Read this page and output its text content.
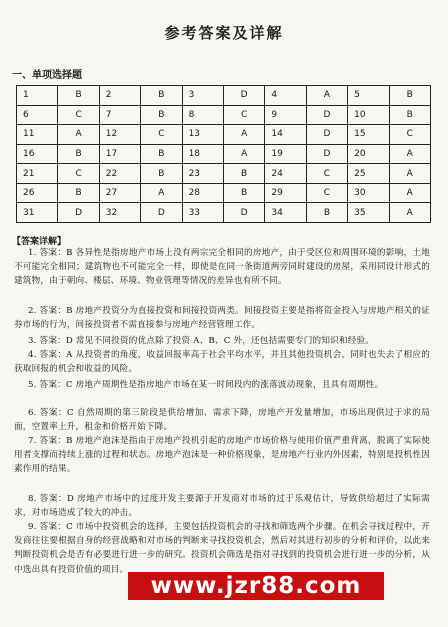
参考答案及详解
一、单项选择题
1	B	2	B	3	D	4	A	5	B
6	C	7	B	8	C	9	D	10	B
11	A	12	C	13	A	14	D	15	C
16	B	17	B	18	A	19	D	20	A
21	C	22	B	23	B	24	C	25	A
26	B	27	A	28	B	29	C	30	A
31	D	32	D	33	D	34	B	35	A
【答案详解】

1. 答案：B 各异性是指房地产市场上没有两宗完全相同的房地产，由于受区位和周围环境的影响，土地不可能完全相同；建筑物也不可能完全一样，即使是在同一条街道两旁同时建设的房屋，采用同设计形式的建筑物，由于朝向、楼层、环境、物业管理等情况的差异也有所不同。

2. 答案：B 房地产投资分为直接投资和间接投资两类。间接投资主要是指将资金投入与房地产相关的证券市场的行为，间接投资者不需直接参与房地产经营管理工作。

3. 答案：D 常见不同投资的优点除了投资 A、B、C 外，还包括需要专门的知识和经验。

4. 答案：A 从投资者的角度，收益回报率高于社会平均水平，并且其他投资机会，同时也失去了相应的获取回报的机会和收益的风险。

5. 答案：C 房地产周期性是指房地产市场在某一时间段内的涨落波动现象，且具有周期性。

6. 答案：C 自然周期的第三阶段是供给增加、需求下降，房地产开发量增加，市场出现供过于求的局面，空置率上升，租金和价格开始下降。

7. 答案：B 房地产泡沫是指由于房地产投机引起的房地产市场价格与使用价值严重背离，脱离了实际使用者支撑而持续上涨的过程和状态。房地产泡沫是一种价格现象，是房地产行业内外因素，特别是投机性因素作用的结果。

8. 答案：D 房地产市场中的过度开发主要源于开发商对市场的过于乐观估计，导致供给超过了实际需求，对市场造成了较大的冲击。

9. 答案：C 市场中投资机会的选择，主要包括投资机会的寻找和筛选两个步骤。在机会寻找过程中，开发商往往要根据自身的经营战略和对市场的判断来寻找投资机会，然后对其进行初步的分析和评价，以此来判断投资机会是否有必要进行进一步的研究。投资机会筛选是指对寻找到的投资机会进行进一步的分析，从中选出具有投资价值的项目。

www.jzr88.com
